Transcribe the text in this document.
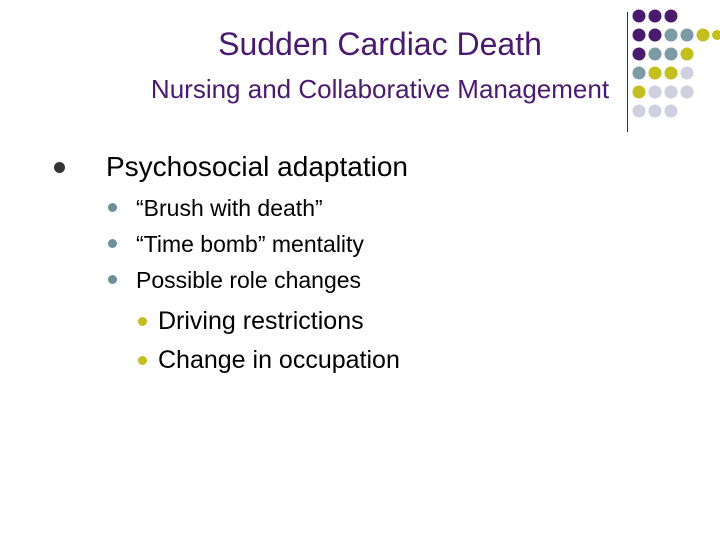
Sudden Cardiac Death
Nursing and Collaborative Management
Psychosocial adaptation
“Brush with death”
“Time bomb” mentality
Possible role changes
Driving restrictions
Change in occupation
